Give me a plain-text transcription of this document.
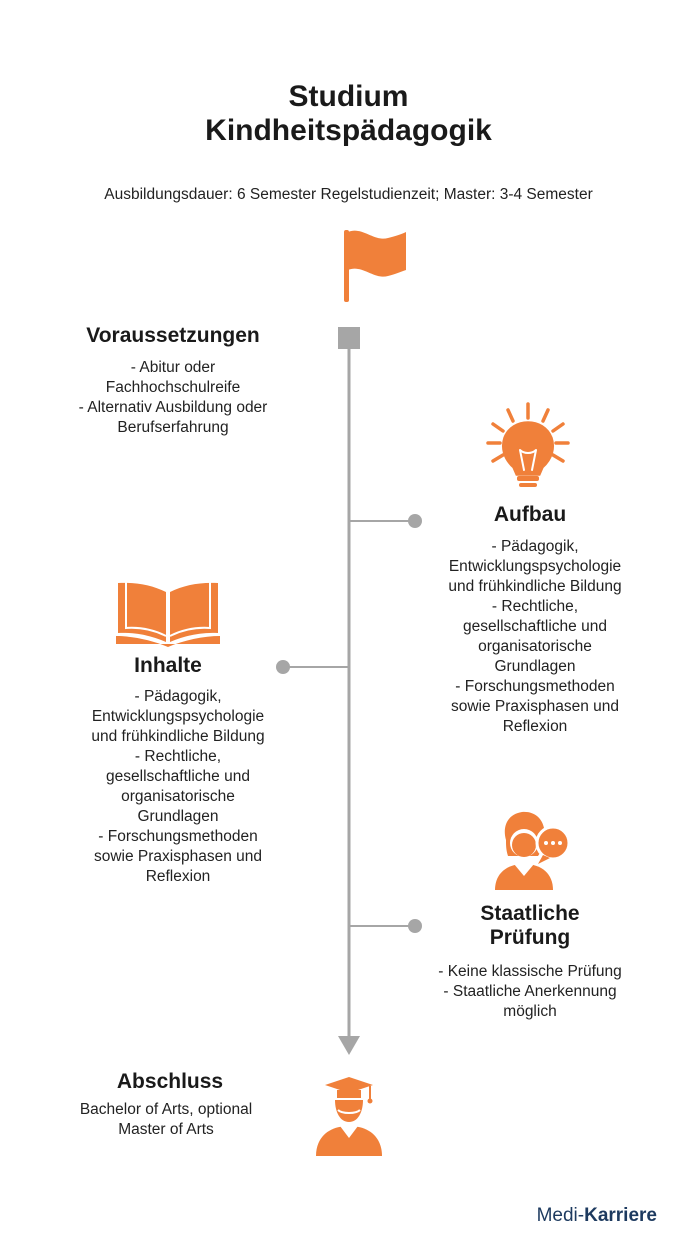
Studium
Kindheitspädagogik
Ausbildungsdauer: 6 Semester Regelstudienzeit; Master: 3-4 Semester
Voraussetzungen
- Abitur oder
Fachhochschulreife
- Alternativ Ausbildung oder
Berufserfahrung
Aufbau
- Pädagogik,
Entwicklungspsychologie
und frühkindliche Bildung
- Rechtliche,
gesellschaftliche und
organisatorische
Grundlagen
- Forschungsmethoden
sowie Praxisphasen und
Reflexion
Inhalte
- Pädagogik,
Entwicklungspsychologie
und frühkindliche Bildung
- Rechtliche,
gesellschaftliche und
organisatorische
Grundlagen
- Forschungsmethoden
sowie Praxisphasen und
Reflexion
Staatliche
Prüfung
- Keine klassische Prüfung
- Staatliche Anerkennung
möglich
Abschluss
Bachelor of Arts, optional
Master of Arts
Medi-Karriere
